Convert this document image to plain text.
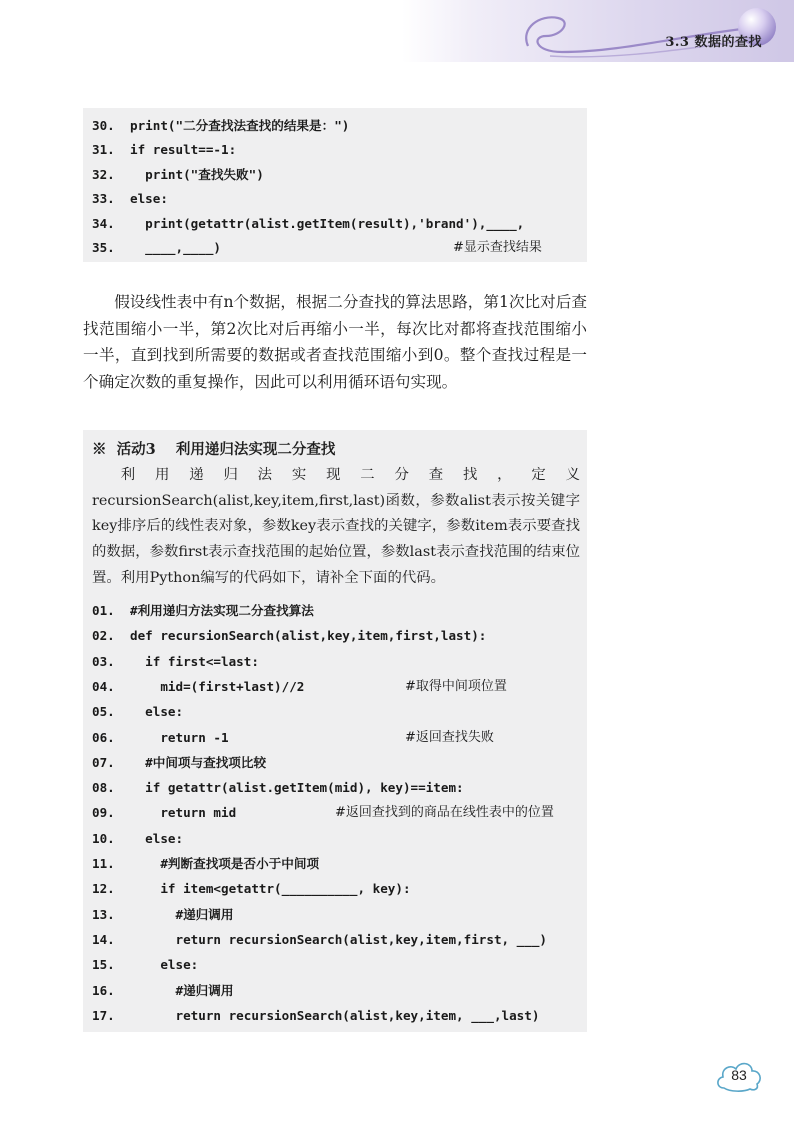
3.3 数据的查找
30. print("二分查找法查找的结果是：")
31. if result==-1:
32.  print("查找失败")
33. else:
34.  print(getattr(alist.getItem(result),'brand'),____,
35.  ____,____)	#显示查找结果

假设线性表中有n个数据，根据二分查找的算法思路，第1次比对后查找范围缩小一半，第2次比对后再缩小一半，每次比对都将查找范围缩小一半，直到找到所需要的数据或者查找范围缩小到0。整个查找过程是一个确定次数的重复操作，因此可以利用循环语句实现。

※  活动3    利用递归法实现二分查找

利用递归法实现二分查找，定义recursionSearch(alist,key,item,first,last)函数，参数alist表示按关键字key排序后的线性表对象，参数key表示查找的关键字，参数item表示要查找的数据，参数first表示查找范围的起始位置，参数last表示查找范围的结束位置。利用Python编写的代码如下，请补全下面的代码。

01. #利用递归方法实现二分查找算法
02. def recursionSearch(alist,key,item,first,last):
03.  if first<=last:
04.    mid=(first+last)//2	#取得中间项位置
05.  else:
06.    return -1	#返回查找失败
07.  #中间项与查找项比较
08.  if getattr(alist.getItem(mid), key)==item:
09.    return mid	#返回查找到的商品在线性表中的位置
10.  else:
11.    #判断查找项是否小于中间项
12.    if item<getattr(__________, key):
13.      #递归调用
14.      return recursionSearch(alist,key,item,first, ___)
15.    else:
16.      #递归调用
17.      return recursionSearch(alist,key,item, ___,last)
83
